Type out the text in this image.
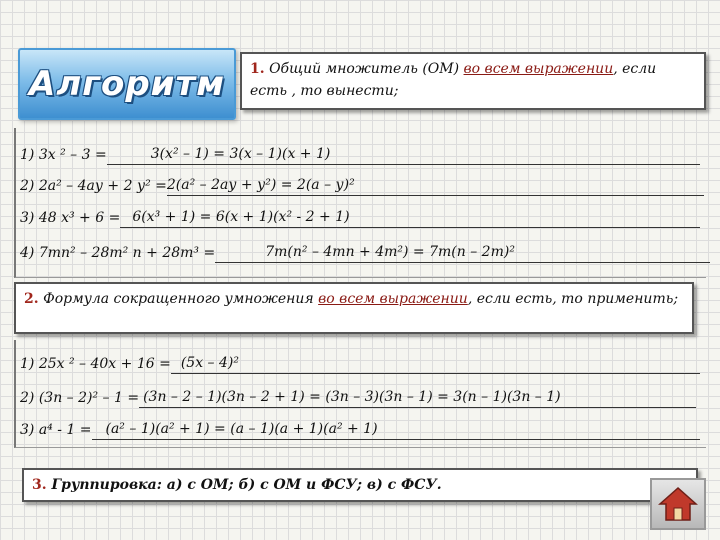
Алгоритм	1. Общий множитель (ОМ) во всем выражении, если есть , то вынести;
1) 3х ² – 3 =	3(х² – 1) = 3(х – 1)(х + 1)
2) 2а² – 4ау + 2 у² = 2(а² – 2ау + у²) = 2(а – у)²
3) 48 х³ + 6 = 6(х³ + 1) = 6(х + 1)(х² - 2 + 1)
4) 7mn² – 28m² n + 28m³ =	7m(n² – 4mn + 4m²) = 7m(n – 2m)²
2. Формула сокращенного умножения во всем выражении, если есть, то применить;
1) 25х ² – 40х + 16 = (5х – 4)²
2) (3n – 2)² – 1 = (3n – 2 – 1)(3n – 2 + 1) = (3n – 3)(3n – 1) = 3(n – 1)(3n – 1)
3) а⁴ - 1 =	(а² – 1)(а² + 1) = (а – 1)(а + 1)(а² + 1)
3. Группировка: а) с ОМ; б) с ОМ и ФСУ; в) с ФСУ.
